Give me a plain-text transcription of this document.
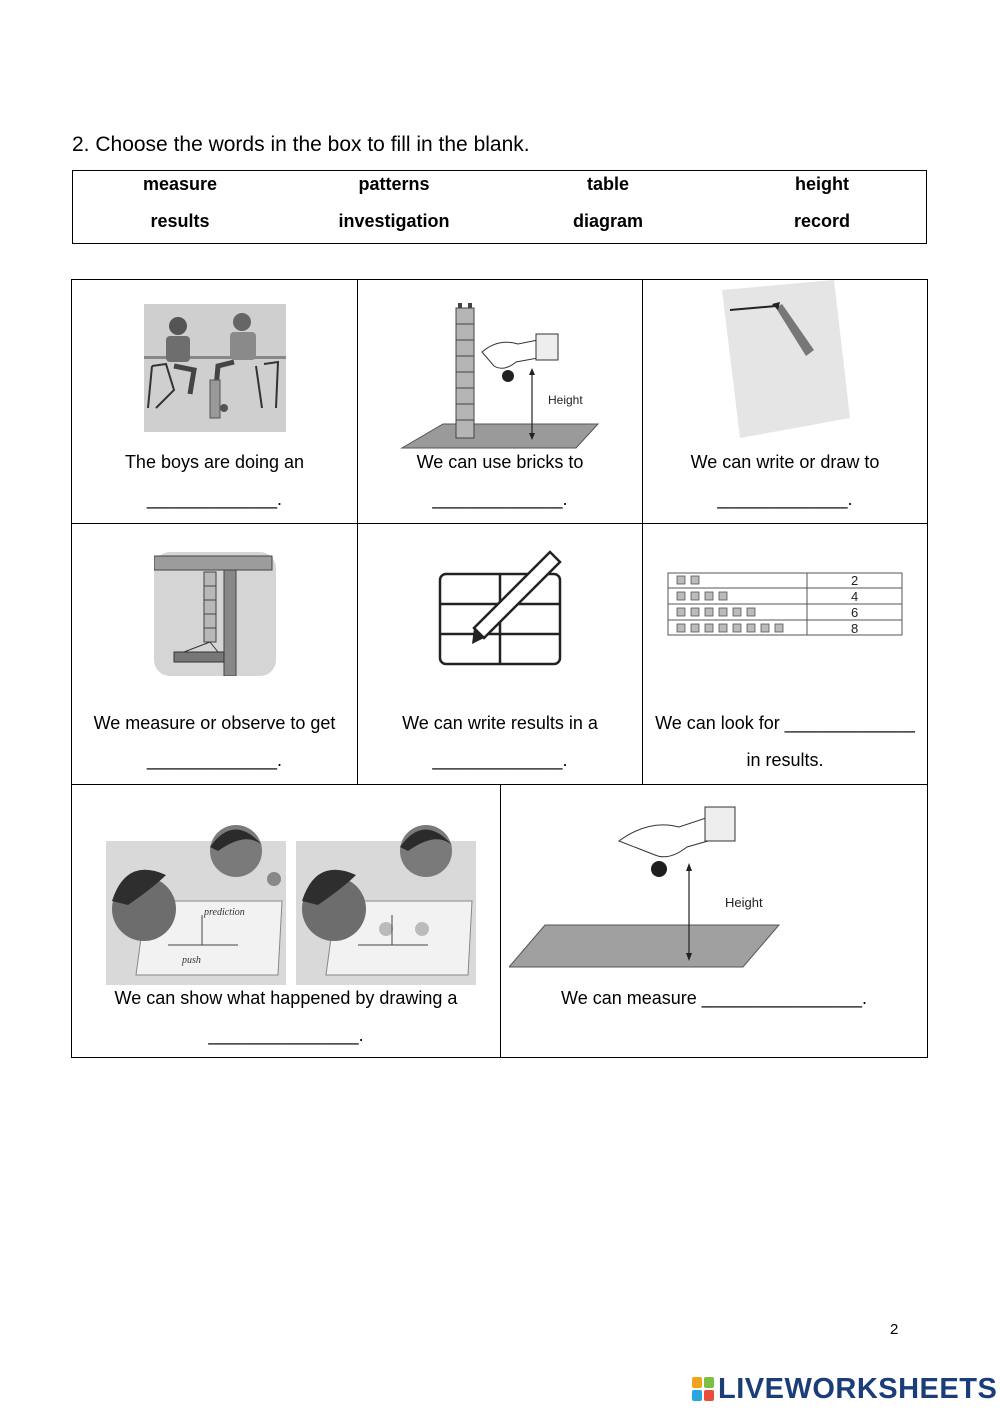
2. Choose the words in the box to fill in the blank.
measure	patterns	table	height
results	investigation	diagram	record
The boys are doing an
_____________.
Height
We can use bricks to
_____________.
We can write or draw to
_____________.
We measure or observe to get
_____________.
We can write results in a
_____________.
2
4
6
8
We can look for _____________
in results.
prediction
push
We can show what happened by drawing a
_______________.
Height
We can measure ________________.
2
LIVEWORKSHEETS
